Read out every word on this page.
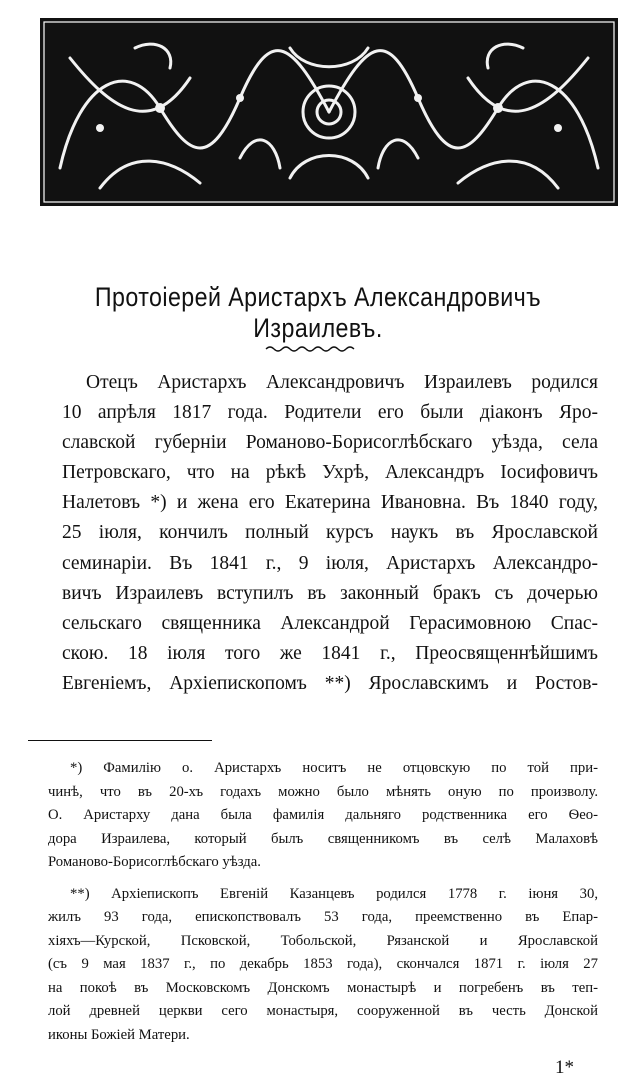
Протоіерей Аристархъ Александровичъ Израилевъ.
Отецъ Аристархъ Александровичъ Израилевъ родился
10 апрѣля 1817 года. Родители его были діаконъ Яро-
славской губерніи Романово-Борисоглѣбскаго уѣзда, села
Петровскаго, что на рѣкѣ Ухрѣ, Александръ Іосифовичъ
Налетовъ *) и жена его Екатерина Ивановна. Въ 1840 году,
25 іюля, кончилъ полный курсъ наукъ въ Ярославской
семинаріи. Въ 1841 г., 9 іюля, Аристархъ Александро-
вичъ Израилевъ вступилъ въ законный бракъ съ дочерью
сельскаго священника Александрой Герасимовною Спас-
скою. 18 іюля того же 1841 г., Преосвященнѣйшимъ
Евгеніемъ, Архіепископомъ **) Ярославскимъ и Ростов-
*) Фамилію о. Аристархъ носитъ не отцовскую по той при-
чинѣ, что въ 20-хъ годахъ можно было мѣнять оную по произволу.
О. Аристарху дана была фамилія дальняго родственника его Ѳео-
дора Израилева, который былъ священникомъ въ селѣ Малаховѣ
Романово-Борисоглѣбскаго уѣзда.
**) Архіепископъ Евгеній Казанцевъ родился 1778 г. іюня 30,
жилъ 93 года, епископствовалъ 53 года, преемственно въ Епар-
хіяхъ—Курской, Псковской, Тобольской, Рязанской и Ярославской
(съ 9 мая 1837 г., по декабрь 1853 года), скончался 1871 г. іюля 27
на покоѣ въ Московскомъ Донскомъ монастырѣ и погребенъ въ теп-
лой древней церкви сего монастыря, сооруженной въ честь Донской
иконы Божіей Матери.
1*
